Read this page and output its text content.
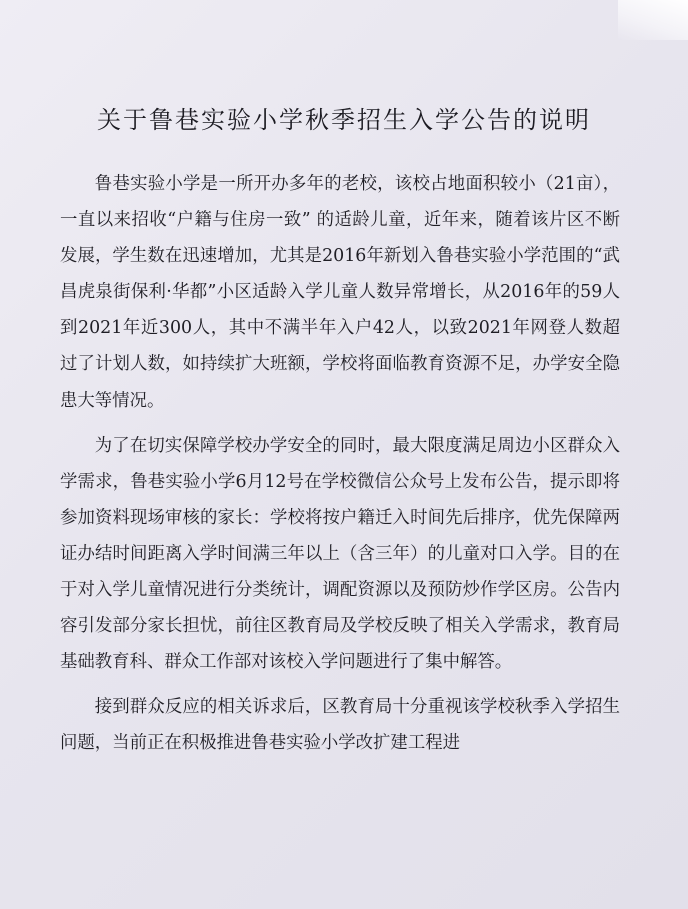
关于鲁巷实验小学秋季招生入学公告的说明

鲁巷实验小学是一所开办多年的老校，该校占地面积较小（21亩），一直以来招收“户籍与住房一致” 的适龄儿童，近年来，随着该片区不断发展，学生数在迅速增加，尤其是2016年新划入鲁巷实验小学范围的“武昌虎泉街保利·华都”小区适龄入学儿童人数异常增长，从2016年的59人到2021年近300人，其中不满半年入户42人，以致2021年网登人数超过了计划人数，如持续扩大班额，学校将面临教育资源不足，办学安全隐患大等情况。

为了在切实保障学校办学安全的同时，最大限度满足周边小区群众入学需求，鲁巷实验小学6月12号在学校微信公众号上发布公告，提示即将参加资料现场审核的家长：学校将按户籍迁入时间先后排序，优先保障两证办结时间距离入学时间满三年以上（含三年）的儿童对口入学。目的在于对入学儿童情况进行分类统计，调配资源以及预防炒作学区房。公告内容引发部分家长担忧，前往区教育局及学校反映了相关入学需求，教育局基础教育科、群众工作部对该校入学问题进行了集中解答。

接到群众反应的相关诉求后，区教育局十分重视该学校秋季入学招生问题，当前正在积极推进鲁巷实验小学改扩建工程进
